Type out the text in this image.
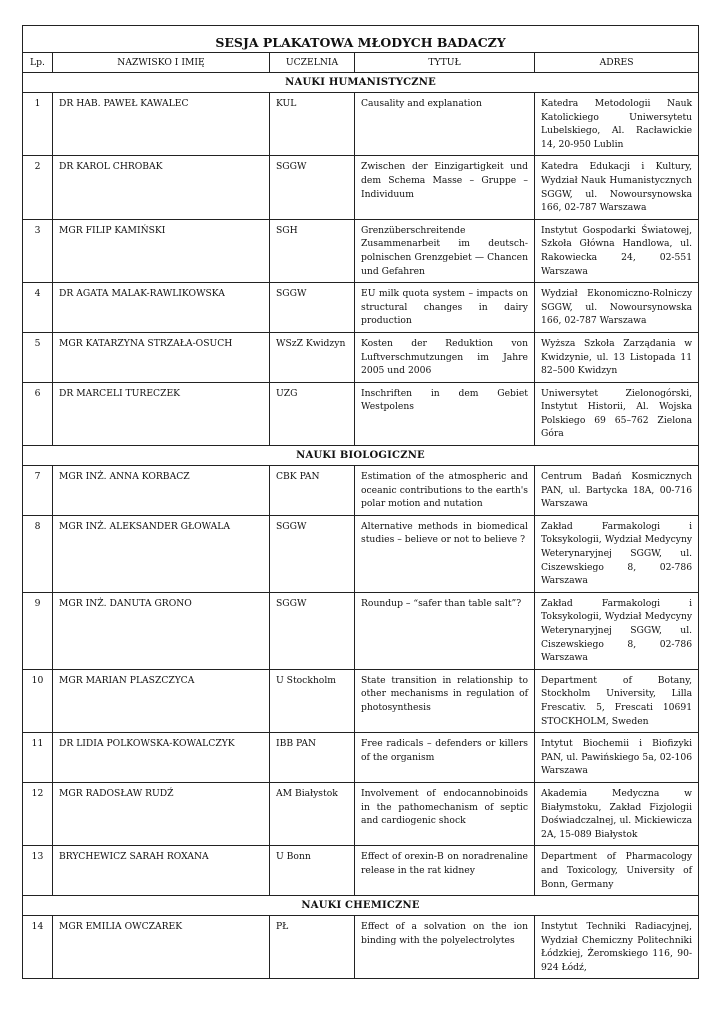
SESJA PLAKATOWA MŁODYCH BADACZY				
Lp.	NAZWISKO I IMIĘ	UCZELNIA	TYTUŁ	ADRES
NAUKI HUMANISTYCZNE				
1	DR HAB. PAWEŁ KAWALEC	KUL	Causality and explanation	Katedra Metodologii Nauk Katolickiego Uniwersytetu Lubelskiego, Al. Racławickie 14, 20-950 Lublin
2	DR KAROL CHROBAK	SGGW	Zwischen der Einzigartigkeit und dem Schema Masse – Gruppe – Individuum	Katedra Edukacji i Kultury, Wydział Nauk Humanistycznych SGGW, ul. Nowoursynowska 166, 02-787 Warszawa
3	MGR FILIP KAMIŃSKI	SGH	Grenzüberschreitende Zusammenarbeit im deutsch-polnischen Grenzgebiet — Chancen und Gefahren	Instytut Gospodarki Światowej, Szkoła Główna Handlowa, ul. Rakowiecka 24, 02-551 Warszawa
4	DR AGATA MALAK-RAWLIKOWSKA	SGGW	EU milk quota system – impacts on structural changes in dairy production	Wydział Ekonomiczno-Rolniczy SGGW, ul. Nowoursynowska 166, 02-787 Warszawa
5	MGR KATARZYNA STRZAŁA-OSUCH	WSzZ Kwidzyn	Kosten der Reduktion von Luftverschmutzungen im Jahre 2005 und 2006	Wyższa Szkoła Zarządania w Kwidzynie, ul. 13 Listopada 11 82–500 Kwidzyn
6	DR MARCELI TURECZEK	UZG	Inschriften in dem Gebiet Westpolens	Uniwersytet Zielonogórski, Instytut Historii, Al. Wojska Polskiego 69 65–762 Zielona Góra
NAUKI BIOLOGICZNE				
7	MGR INŻ. ANNA KORBACZ	CBK PAN	Estimation of the atmospheric and oceanic contributions to the earth's polar motion and nutation	Centrum Badań Kosmicznych PAN, ul. Bartycka 18A, 00-716 Warszawa
8	MGR INŻ. ALEKSANDER GŁOWALA	SGGW	Alternative methods in biomedical studies – believe or not to believe ?	Zakład Farmakologi i Toksykologii, Wydział Medycyny Weterynaryjnej SGGW, ul. Ciszewskiego 8, 02-786 Warszawa
9	MGR INŻ. DANUTA GRONO	SGGW	Roundup – “safer than table salt”?	Zakład Farmakologi i Toksykologii, Wydział Medycyny Weterynaryjnej SGGW, ul. Ciszewskiego 8, 02-786 Warszawa
10	MGR MARIAN PLASZCZYCA	U Stockholm	State transition in relationship to other mechanisms in regulation of photosynthesis	Department of Botany, Stockholm University, Lilla Frescativ. 5, Frescati 10691 STOCKHOLM, Sweden
11	DR LIDIA POLKOWSKA-KOWALCZYK	IBB PAN	Free radicals – defenders or killers of the organism	Intytut Biochemii i Biofizyki PAN, ul. Pawińskiego 5a, 02-106 Warszawa
12	MGR RADOSŁAW RUDŹ	AM Białystok	Involvement of endocannobinoids in the pathomechanism of septic and cardiogenic shock	Akademia Medyczna w Białymstoku, Zakład Fizjologii Doświadczalnej, ul. Mickiewicza 2A, 15-089 Białystok
13	BRYCHEWICZ SARAH ROXANA	U Bonn	Effect of orexin-B on noradrenaline release in the rat kidney	Department of Pharmacology and Toxicology, University of Bonn, Germany
NAUKI CHEMICZNE				
14	MGR EMILIA OWCZAREK	PŁ	Effect of a solvation on the ion binding with the polyelectrolytes	Instytut Techniki Radiacyjnej, Wydział Chemiczny Politechniki Łódzkiej, Żeromskiego 116, 90-924 Łódź,
